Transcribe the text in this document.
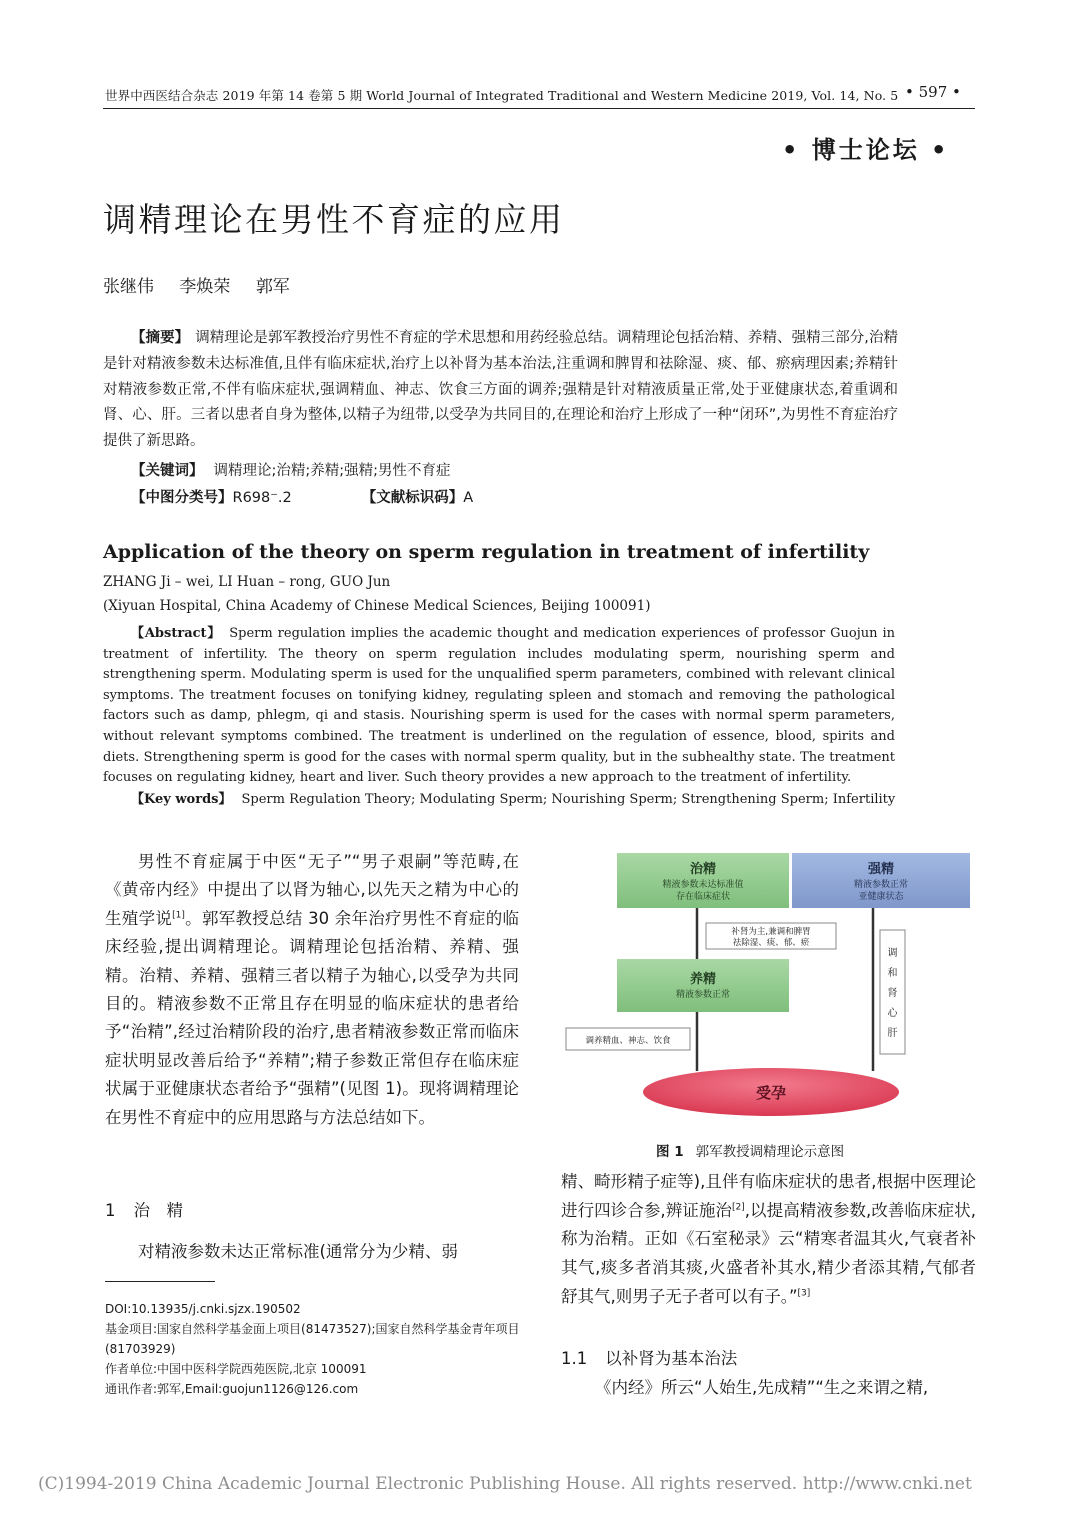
世界中西医结合杂志 2019 年第 14 卷第 5 期 World Journal of Integrated Traditional and Western Medicine 2019, Vol. 14, No. 5 • 597 •
• 博士论坛 •
调精理论在男性不育症的应用
张继伟 李焕荣 郭军
【摘要】 调精理论是郭军教授治疗男性不育症的学术思想和用药经验总结。调精理论包括治精、养精、强精三部分,治精是针对精液参数未达标准值,且伴有临床症状,治疗上以补肾为基本治法,注重调和脾胃和祛除湿、痰、郁、瘀病理因素;养精针对精液参数正常,不伴有临床症状,强调精血、神志、饮食三方面的调养;强精是针对精液质量正常,处于亚健康状态,着重调和肾、心、肝。三者以患者自身为整体,以精子为纽带,以受孕为共同目的,在理论和治疗上形成了一种“闭环”,为男性不育症治疗提供了新思路。
【关键词】 调精理论;治精;养精;强精;男性不育症
【中图分类号】R698⁻.2	【文献标识码】A
Application of the theory on sperm regulation in treatment of infertility
ZHANG Ji – wei, LI Huan – rong, GUO Jun
(Xiyuan Hospital, China Academy of Chinese Medical Sciences, Beijing 100091)
【Abstract】 Sperm regulation implies the academic thought and medication experiences of professor Guojun in treatment of infertility. The theory on sperm regulation includes modulating sperm, nourishing sperm and strengthening sperm. Modulating sperm is used for the unqualified sperm parameters, combined with relevant clinical symptoms. The treatment focuses on tonifying kidney, regulating spleen and stomach and removing the pathological factors such as damp, phlegm, qi and stasis. Nourishing sperm is used for the cases with normal sperm parameters, without relevant symptoms combined. The treatment is underlined on the regulation of essence, blood, spirits and diets. Strengthening sperm is good for the cases with normal sperm quality, but in the subhealthy state. The treatment focuses on regulating kidney, heart and liver. Such theory provides a new approach to the treatment of infertility.
【Key words】 Sperm Regulation Theory; Modulating Sperm; Nourishing Sperm; Strengthening Sperm; Infertility

男性不育症属于中医“无子”“男子艰嗣”等范畴,在《黄帝内经》中提出了以肾为轴心,以先天之精为中心的生殖学说[1]。郭军教授总结 30 余年治疗男性不育症的临床经验,提出调精理论。调精理论包括治精、养精、强精。治精、养精、强精三者以精子为轴心,以受孕为共同目的。精液参数不正常且存在明显的临床症状的患者给予“治精”,经过治精阶段的治疗,患者精液参数正常而临床症状明显改善后给予“养精”;精子参数正常但存在临床症状属于亚健康状态者给予“强精”(见图 1)。现将调精理论在男性不育症中的应用思路与方法总结如下。

1 治　精
对精液参数未达正常标准(通常分为少精、弱
DOI:10.13935/j.cnki.sjzx.190502
基金项目:国家自然科学基金面上项目(81473527);国家自然科学基金青年项目(81703929)
作者单位:中国中医科学院西苑医院,北京 100091
通讯作者:郭军,Email:guojun1126@126.com
治精
精液参数未达标准值
存在临床症状
强精
精液参数正常
亚健康状态
补肾为主,兼调和脾胃
祛除湿、痰、郁、瘀
养精
精液参数正常
调养精血、神志、饮食
调
和
肾
心
肝
受孕
图 1 郭军教授调精理论示意图

精、畸形精子症等),且伴有临床症状的患者,根据中医理论进行四诊合参,辨证施治[2],以提高精液参数,改善临床症状,称为治精。正如《石室秘录》云“精寒者温其火,气衰者补其气,痰多者消其痰,火盛者补其水,精少者添其精,气郁者舒其气,则男子无子者可以有子。”[3]

1.1 以补肾为基本治法
《内经》所云“人始生,先成精”“生之来谓之精,
(C)1994-2019 China Academic Journal Electronic Publishing House. All rights reserved. http://www.cnki.net
